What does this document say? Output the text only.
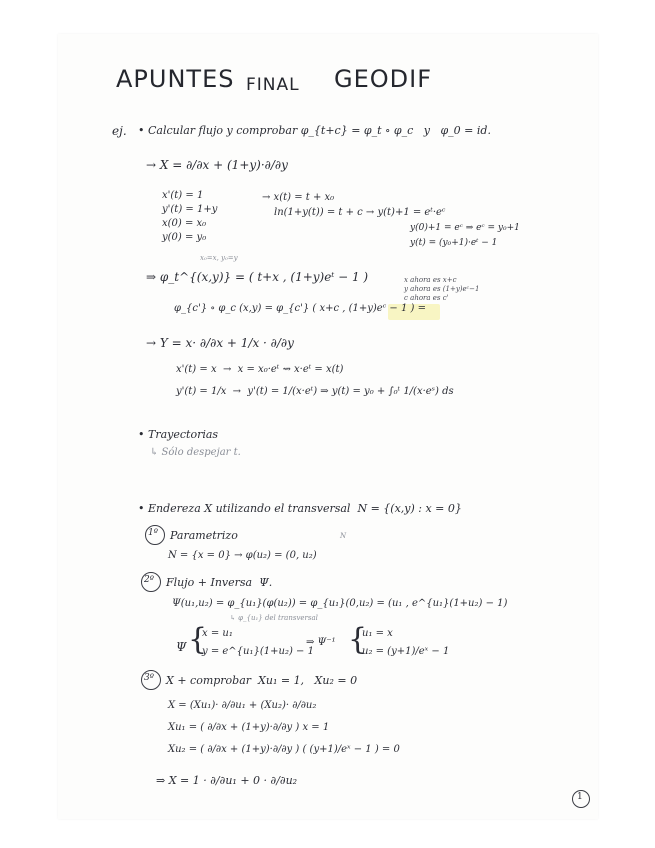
APUNTES FINAL GEODIF
ej. • Calcular flujo y comprobar φ_{t+c} = φ_t ∘ φ_c   y   φ_0 = id.
→ X = ∂/∂x + (1+y)·∂/∂y
x'(t) = 1
y'(t) = 1+y
x(0) = x₀
y(0) = y₀
→ x(t) = t + x₀
ln(1+y(t)) = t + c → y(t)+1 = eᵗ·eᶜ
y(0)+1 = eᶜ ⇒ eᶜ = y₀+1
y(t) = (y₀+1)·eᵗ − 1
x₀=x, y₀=y
⇒ φ_t^{(x,y)} = ( t+x , (1+y)eᵗ − 1 )	x ahora es x+c
y ahora es (1+y)eᶜ−1
c ahora es c'
φ_{c'} ∘ φ_c (x,y) = φ_{c'} ( x+c , (1+y)eᶜ − 1 ) =
→ Y = x· ∂/∂x + 1/x · ∂/∂y
x'(t) = x  →  x = x₀·eᵗ ⇝ x·eᵗ = x(t)
y'(t) = 1/x  →  y'(t) = 1/(x·eᵗ) ⇒ y(t) = y₀ + ∫₀ᵗ 1/(x·eˢ) ds
• Trayectorias
↳ Sólo despejar t.
• Endereza X utilizando el transversal  N = {(x,y) : x = 0}
1º Parametrizo	N
N = {x = 0} → φ(u₂) = (0, u₂)
2º Flujo + Inversa  Ψ.
Ψ(u₁,u₂) = φ_{u₁}(φ(u₂)) = φ_{u₁}(0,u₂) = (u₁ , e^{u₁}(1+u₂) − 1)
↳ φ_{u₁} del transversal
Ψ {
x = u₁
y = e^{u₁}(1+u₂) − 1
⇒ Ψ⁻¹ {
u₁ = x
u₂ = (y+1)/eˣ − 1
3º X + comprobar  Xu₁ = 1,   Xu₂ = 0
X = (Xu₁)· ∂/∂u₁ + (Xu₂)· ∂/∂u₂
Xu₁ = ( ∂/∂x + (1+y)·∂/∂y ) x = 1
Xu₂ = ( ∂/∂x + (1+y)·∂/∂y ) ( (y+1)/eˣ − 1 ) = 0
⇒ X = 1 · ∂/∂u₁ + 0 · ∂/∂u₂
1
